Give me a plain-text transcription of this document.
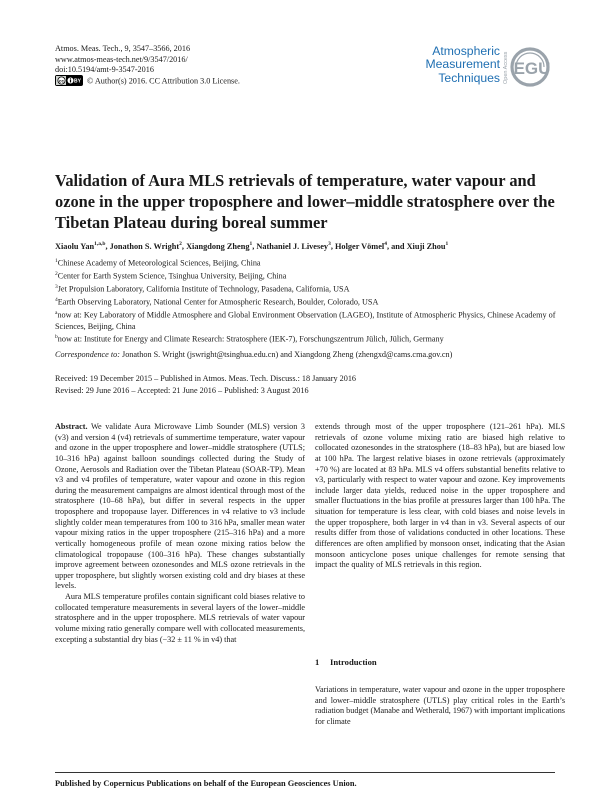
Atmos. Meas. Tech., 9, 3547–3566, 2016
www.atmos-meas-tech.net/9/3547/2016/
doi:10.5194/amt-9-3547-2016
cc BY © Author(s) 2016. CC Attribution 3.0 License.
Atmospheric
Measurement
Techniques Open Access EGU
Validation of Aura MLS retrievals of temperature, water vapour and ozone in the upper troposphere and lower–middle stratosphere over the Tibetan Plateau during boreal summer
Xiaolu Yan$^{1,a,b}$, Jonathon S. Wright$^2$, Xiangdong Zheng$^1$, Nathaniel J. Livesey$^3$, Holger Vömel$^4$, and Xiuji Zhou$^1$
$^1$Chinese Academy of Meteorological Sciences, Beijing, China
$^2$Center for Earth System Science, Tsinghua University, Beijing, China
$^3$Jet Propulsion Laboratory, California Institute of Technology, Pasadena, California, USA
$^4$Earth Observing Laboratory, National Center for Atmospheric Research, Boulder, Colorado, USA
$^a$now at: Key Laboratory of Middle Atmosphere and Global Environment Observation (LAGEO), Institute of Atmospheric Physics, Chinese Academy of Sciences, Beijing, China
$^b$now at: Institute for Energy and Climate Research: Stratosphere (IEK-7), Forschungszentrum Jülich, Jülich, Germany
Correspondence to: Jonathon S. Wright (jswright@tsinghua.edu.cn) and Xiangdong Zheng (zhengxd@cams.cma.gov.cn)
Received: 19 December 2015 – Published in Atmos. Meas. Tech. Discuss.: 18 January 2016
Revised: 29 June 2016 – Accepted: 21 June 2016 – Published: 3 August 2016

Abstract. We validate Aura Microwave Limb Sounder (MLS) version 3 (v3) and version 4 (v4) retrievals of summertime temperature, water vapour and ozone in the upper troposphere and lower–middle stratosphere (UTLS; 10–316 hPa) against balloon soundings collected during the Study of Ozone, Aerosols and Radiation over the Tibetan Plateau (SOAR-TP). Mean v3 and v4 profiles of temperature, water vapour and ozone in this region during the measurement campaigns are almost identical through most of the stratosphere (10–68 hPa), but differ in several respects in the upper troposphere and tropopause layer. Differences in v4 relative to v3 include slightly colder mean temperatures from 100 to 316 hPa, smaller mean water vapour mixing ratios in the upper troposphere (215–316 hPa) and a more vertically homogeneous profile of mean ozone mixing ratios below the climatological tropopause (100–316 hPa). These changes substantially improve agreement between ozonesondes and MLS ozone retrievals in the upper troposphere, but slightly worsen existing cold and dry biases at these levels.

Aura MLS temperature profiles contain significant cold biases relative to collocated temperature measurements in several layers of the lower–middle stratosphere and in the upper troposphere. MLS retrievals of water vapour volume mixing ratio generally compare well with collocated measurements, excepting a substantial dry bias (−32 ± 11 % in v4) that

extends through most of the upper troposphere (121–261 hPa). MLS retrievals of ozone volume mixing ratio are biased high relative to collocated ozonesondes in the stratosphere (18–83 hPa), but are biased low at 100 hPa. The largest relative biases in ozone retrievals (approximately +70 %) are located at 83 hPa. MLS v4 offers substantial benefits relative to v3, particularly with respect to water vapour and ozone. Key improvements include larger data yields, reduced noise in the upper troposphere and smaller fluctuations in the bias profile at pressures larger than 100 hPa. The situation for temperature is less clear, with cold biases and noise levels in the upper troposphere, both larger in v4 than in v3. Several aspects of our results differ from those of validations conducted in other locations. These differences are often amplified by monsoon onset, indicating that the Asian monsoon anticyclone poses unique challenges for remote sensing that impact the quality of MLS retrievals in this region.

1 Introduction
Variations in temperature, water vapour and ozone in the upper troposphere and lower–middle stratosphere (UTLS) play critical roles in the Earth’s radiation budget (Manabe and Wetherald, 1967) with important implications for climate
Published by Copernicus Publications on behalf of the European Geosciences Union.
